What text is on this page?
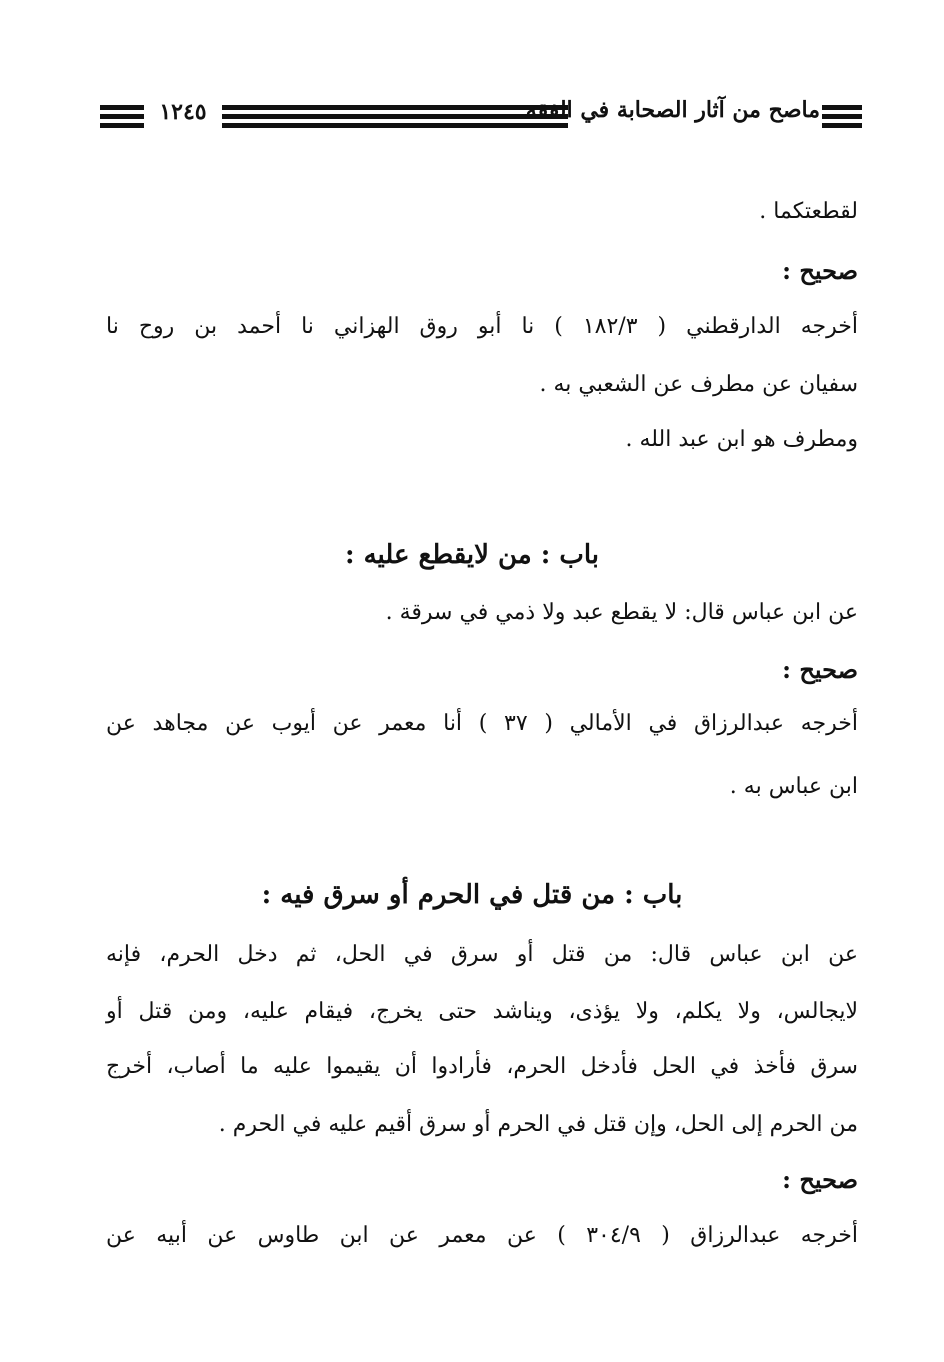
١٢٤٥	ماصح من آثار الصحابة في الفقه
لقطعتكما .
صحيح :
أخرجه الدارقطني ( ١٨٢/٣ ) نا أبو روق الهزاني نا أحمد بن روح نا
سفيان عن مطرف عن الشعبي به .
ومطرف هو ابن عبد الله .
باب : من لايقطع عليه :
عن ابن عباس قال: لا يقطع عبد ولا ذمي في سرقة .
صحيح :
أخرجه عبدالرزاق في الأمالي ( ٣٧ ) أنا معمر عن أيوب عن مجاهد عن
ابن عباس به .
باب : من قتل في الحرم أو سرق فيه :
عن ابن عباس قال: من قتل أو سرق في الحل، ثم دخل الحرم، فإنه
لايجالس، ولا يكلم، ولا يؤذى، ويناشد حتى يخرج، فيقام عليه، ومن قتل أو
سرق فأخذ في الحل فأدخل الحرم، فأرادوا أن يقيموا عليه ما أصاب، أخرج
من الحرم إلى الحل، وإن قتل في الحرم أو سرق أقيم عليه في الحرم .
صحيح :
أخرجه عبدالرزاق ( ٣٠٤/٩ ) عن معمر عن ابن طاوس عن أبيه عن
